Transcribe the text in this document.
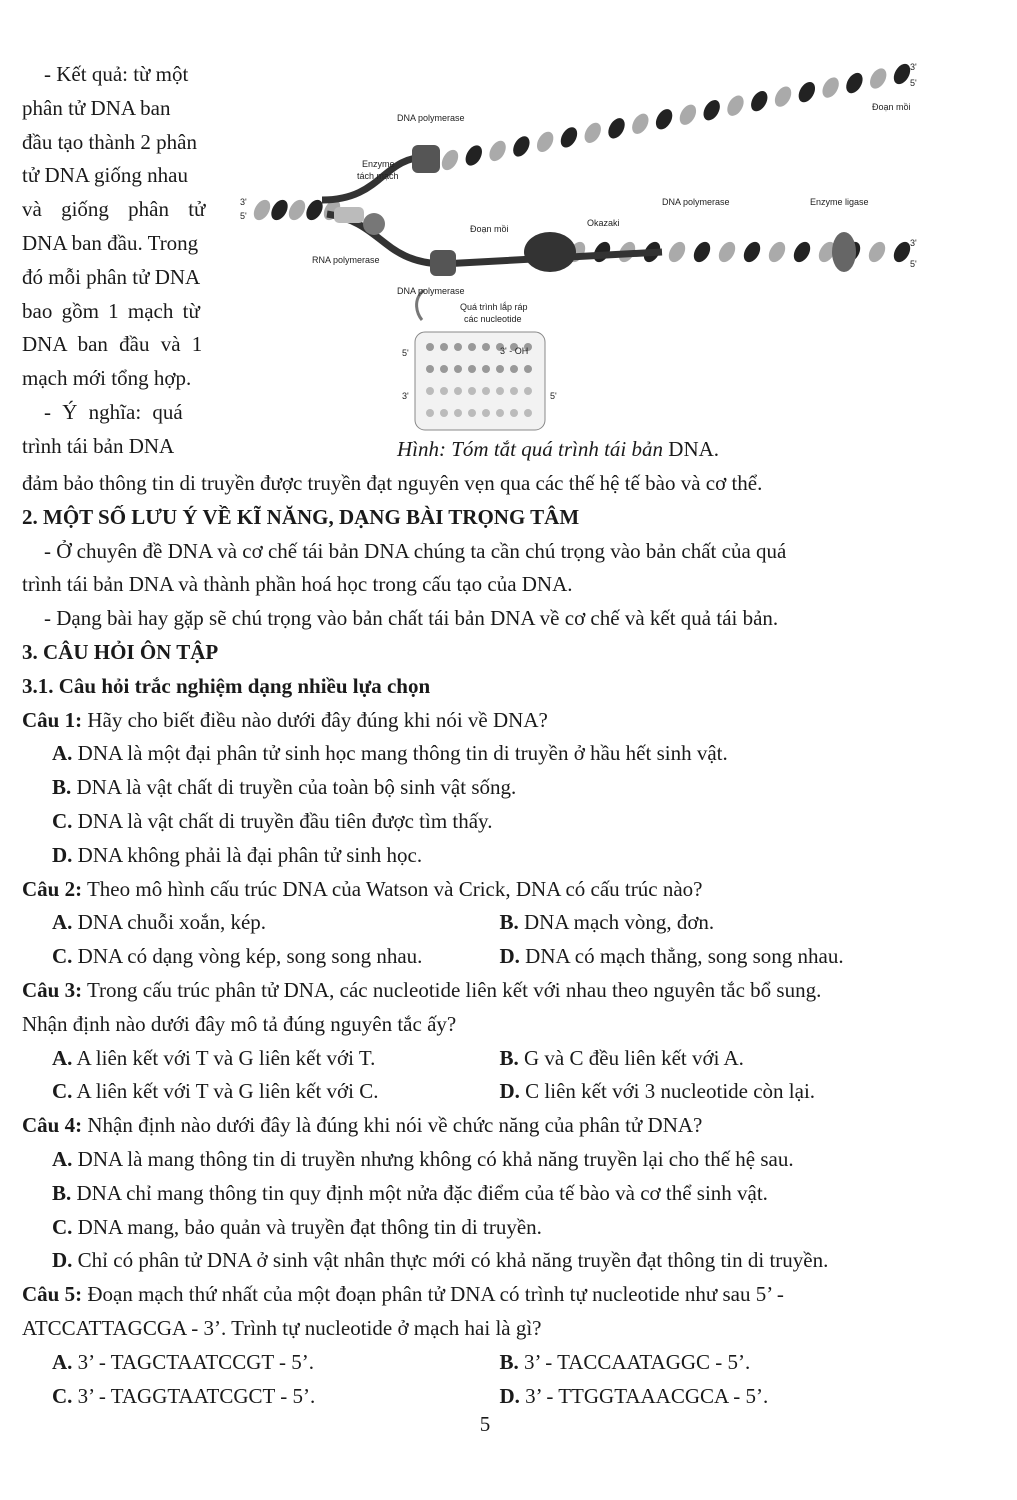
- Kết quả: từ một
phân tử DNA ban
đầu tạo thành 2 phân
tử DNA giống nhau
và giống phân tử
DNA ban đầu. Trong
đó mỗi phân tử DNA
bao gồm 1 mạch từ
DNA ban đầu và 1
mạch mới tổng hợp.
- Ý nghĩa: quá
trình tái bản DNA
DNA polymerase
Enzyme
tách mạch
RNA polymerase
Đoạn mồi
Okazaki
DNA polymerase	Enzyme ligase
DNA polymerase
Đoạn mồi
Quá trình lắp ráp
các nucleotide
3'
5'
3'
5'
3'
5'
5'
3'	5'
3' - OH
Hình: Tóm tắt quá trình tái bản DNA.
đảm bảo thông tin di truyền được truyền đạt nguyên vẹn qua các thế hệ tế bào và cơ thể.
2. MỘT SỐ LƯU Ý VỀ KĨ NĂNG, DẠNG BÀI TRỌNG TÂM
- Ở chuyên đề DNA và cơ chế tái bản DNA chúng ta cần chú trọng vào bản chất của quá
trình tái bản DNA và thành phần hoá học trong cấu tạo của DNA.
- Dạng bài hay gặp sẽ chú trọng vào bản chất tái bản DNA về cơ chế và kết quả tái bản.
3. CÂU HỎI ÔN TẬP
3.1. Câu hỏi trắc nghiệm dạng nhiều lựa chọn
Câu 1: Hãy cho biết điều nào dưới đây đúng khi nói về DNA?
A. DNA là một đại phân tử sinh học mang thông tin di truyền ở hầu hết sinh vật.
B. DNA là vật chất di truyền của toàn bộ sinh vật sống.
C. DNA là vật chất di truyền đầu tiên được tìm thấy.
D. DNA không phải là đại phân tử sinh học.
Câu 2: Theo mô hình cấu trúc DNA của Watson và Crick, DNA có cấu trúc nào?
A. DNA chuỗi xoắn, kép.	B. DNA mạch vòng, đơn.
C. DNA có dạng vòng kép, song song nhau.	D. DNA có mạch thẳng, song song nhau.
Câu 3: Trong cấu trúc phân tử DNA, các nucleotide liên kết với nhau theo nguyên tắc bổ sung.
Nhận định nào dưới đây mô tả đúng nguyên tắc ấy?
A. A liên kết với T và G liên kết với T.	B. G và C đều liên kết với A.
C. A liên kết với T và G liên kết với C.	D. C liên kết với 3 nucleotide còn lại.
Câu 4: Nhận định nào dưới đây là đúng khi nói về chức năng của phân tử DNA?
A. DNA là mang thông tin di truyền nhưng không có khả năng truyền lại cho thế hệ sau.
B. DNA chỉ mang thông tin quy định một nửa đặc điểm của tế bào và cơ thể sinh vật.
C. DNA mang, bảo quản và truyền đạt thông tin di truyền.
D. Chỉ có phân tử DNA ở sinh vật nhân thực mới có khả năng truyền đạt thông tin di truyền.
Câu 5: Đoạn mạch thứ nhất của một đoạn phân tử DNA có trình tự nucleotide như sau 5’ -
ATCCATTAGCGA - 3’. Trình tự nucleotide ở mạch hai là gì?
A. 3’ - TAGCTAATCCGT - 5’.	B. 3’ - TACCAATAGGC - 5’.
C. 3’ - TAGGTAATCGCT - 5’.	D. 3’ - TTGGTAAACGCA - 5’.
5
